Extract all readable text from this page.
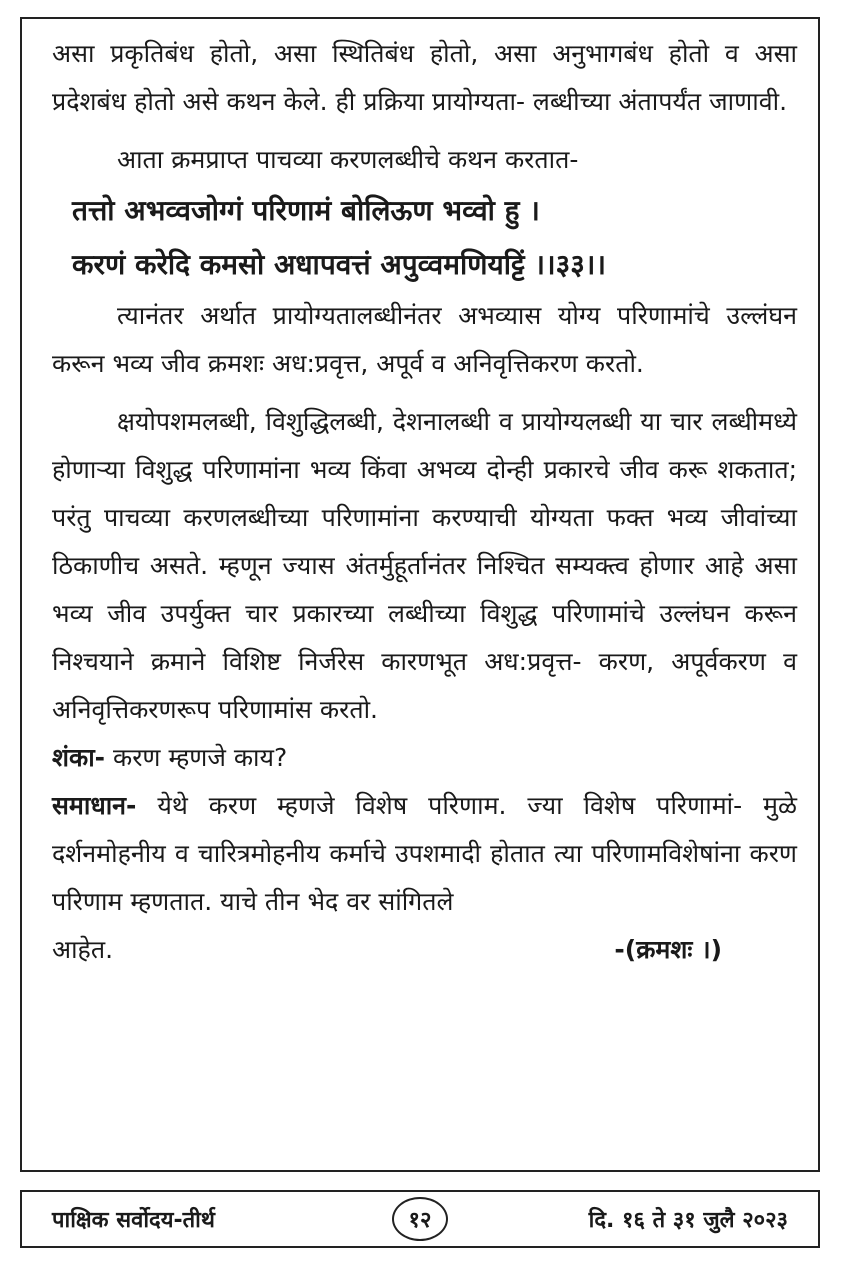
असा प्रकृतिबंध होतो, असा स्थितिबंध होतो, असा अनुभागबंध होतो व असा प्रदेशबंध होतो असे कथन केले. ही प्रक्रिया प्रायोग्यता- लब्धीच्या अंतापर्यंत जाणावी.

आता क्रमप्राप्त पाचव्या करणलब्धीचे कथन करतात-

तत्तो अभव्वजोग्गं परिणामं बोलिऊण भव्वो हु ।

करणं करेदि कमसो अधापवत्तं अपुव्वमणियट्टिं ।।३३।।

त्यानंतर अर्थात प्रायोग्यतालब्धीनंतर अभव्यास योग्य परिणामांचे उल्लंघन करून भव्य जीव क्रमशः अध:प्रवृत्त, अपूर्व व अनिवृत्तिकरण करतो.

क्षयोपशमलब्धी, विशुद्धिलब्धी, देशनालब्धी व प्रायोग्यलब्धी या चार लब्धीमध्ये होणाऱ्या विशुद्ध परिणामांना भव्य किंवा अभव्य दोन्ही प्रकारचे जीव करू शकतात; परंतु पाचव्या करणलब्धीच्या परिणामांना करण्याची योग्यता फक्त भव्य जीवांच्या ठिकाणीच असते. म्हणून ज्यास अंतर्मुहूर्तानंतर निश्चित सम्यक्त्व होणार आहे असा भव्य जीव उपर्युक्त चार प्रकारच्या लब्धीच्या विशुद्ध परिणामांचे उल्लंघन करून निश्चयाने क्रमाने विशिष्ट निर्जरेस कारणभूत अध:प्रवृत्त- करण, अपूर्वकरण व अनिवृत्तिकरणरूप परिणामांस करतो.

शंका- करण म्हणजे काय?

समाधान- येथे करण म्हणजे विशेष परिणाम. ज्या विशेष परिणामां- मुळे दर्शनमोहनीय व चारित्रमोहनीय कर्माचे उपशमादी होतात त्या परिणामविशेषांना करण परिणाम म्हणतात. याचे तीन भेद वर सांगितले

आहेत.	-(क्रमशः ।)
पाक्षिक सर्वोदय-तीर्थ	१२	दि. १६ ते ३१ जुलै २०२३
